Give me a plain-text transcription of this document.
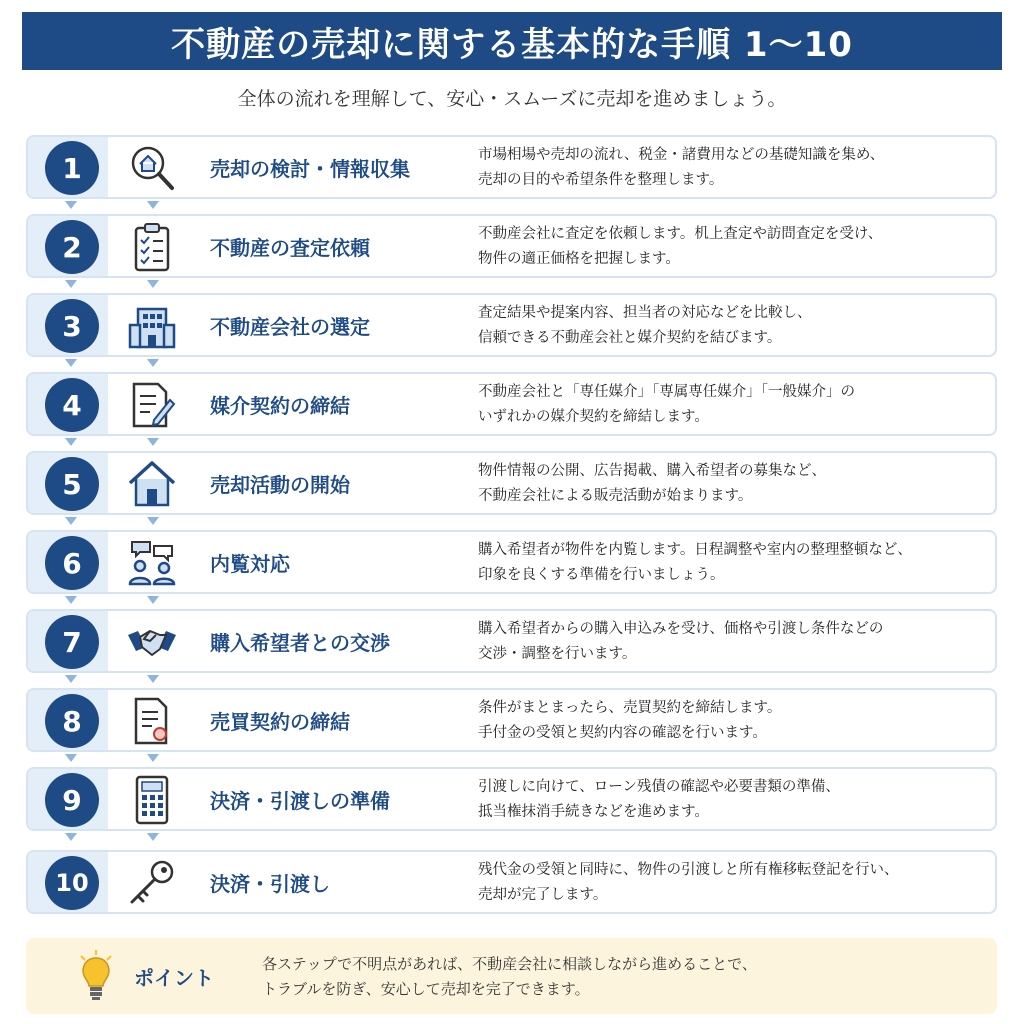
不動産の売却に関する基本的な手順 1～10
全体の流れを理解して、安心・スムーズに売却を進めましょう。
1	売却の検討・情報収集
市場相場や売却の流れ、税金・諸費用などの基礎知識を集め、
売却の目的や希望条件を整理します。
2	不動産の査定依頼
不動産会社に査定を依頼します。机上査定や訪問査定を受け、
物件の適正価格を把握します。
3	不動産会社の選定
査定結果や提案内容、担当者の対応などを比較し、
信頼できる不動産会社と媒介契約を結びます。
4	媒介契約の締結
不動産会社と「専任媒介」「専属専任媒介」「一般媒介」の
いずれかの媒介契約を締結します。
5	売却活動の開始
物件情報の公開、広告掲載、購入希望者の募集など、
不動産会社による販売活動が始まります。
6	内覧対応
購入希望者が物件を内覧します。日程調整や室内の整理整頓など、
印象を良くする準備を行いましょう。
7	購入希望者との交渉
購入希望者からの購入申込みを受け、価格や引渡し条件などの
交渉・調整を行います。
8	売買契約の締結
条件がまとまったら、売買契約を締結します。
手付金の受領と契約内容の確認を行います。
9	決済・引渡しの準備
引渡しに向けて、ローン残債の確認や必要書類の準備、
抵当権抹消手続きなどを進めます。
10	決済・引渡し
残代金の受領と同時に、物件の引渡しと所有権移転登記を行い、
売却が完了します。
ポイント
各ステップで不明点があれば、不動産会社に相談しながら進めることで、
トラブルを防ぎ、安心して売却を完了できます。
